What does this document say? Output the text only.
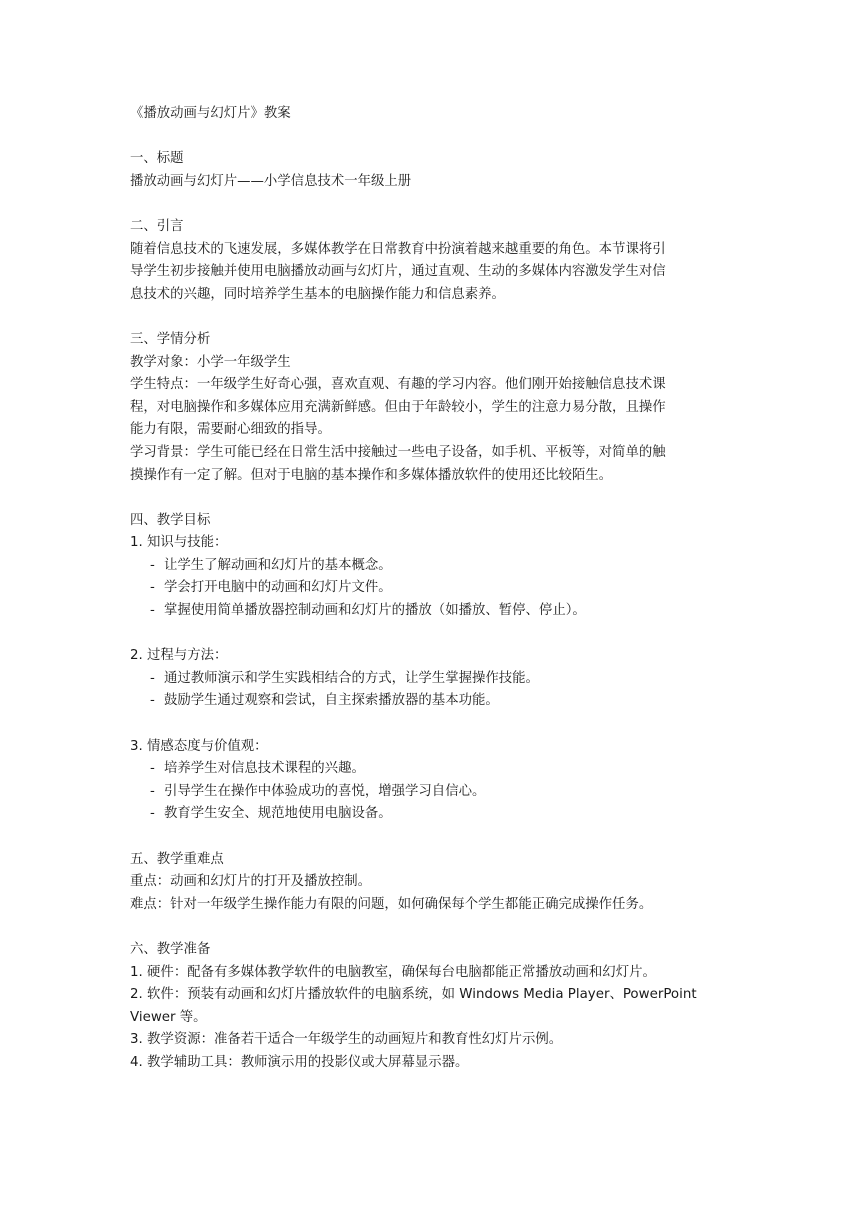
《播放动画与幻灯片》教案
一、标题
播放动画与幻灯片——小学信息技术一年级上册
二、引言
随着信息技术的飞速发展，多媒体教学在日常教育中扮演着越来越重要的角色。本节课将引
导学生初步接触并使用电脑播放动画与幻灯片，通过直观、生动的多媒体内容激发学生对信
息技术的兴趣，同时培养学生基本的电脑操作能力和信息素养。
三、学情分析
教学对象：小学一年级学生
学生特点：一年级学生好奇心强，喜欢直观、有趣的学习内容。他们刚开始接触信息技术课
程，对电脑操作和多媒体应用充满新鲜感。但由于年龄较小，学生的注意力易分散，且操作
能力有限，需要耐心细致的指导。
学习背景：学生可能已经在日常生活中接触过一些电子设备，如手机、平板等，对简单的触
摸操作有一定了解。但对于电脑的基本操作和多媒体播放软件的使用还比较陌生。
四、教学目标
1. 知识与技能：
- 让学生了解动画和幻灯片的基本概念。
- 学会打开电脑中的动画和幻灯片文件。
- 掌握使用简单播放器控制动画和幻灯片的播放（如播放、暂停、停止）。
2. 过程与方法：
- 通过教师演示和学生实践相结合的方式，让学生掌握操作技能。
- 鼓励学生通过观察和尝试，自主探索播放器的基本功能。
3. 情感态度与价值观：
- 培养学生对信息技术课程的兴趣。
- 引导学生在操作中体验成功的喜悦，增强学习自信心。
- 教育学生安全、规范地使用电脑设备。
五、教学重难点
重点：动画和幻灯片的打开及播放控制。
难点：针对一年级学生操作能力有限的问题，如何确保每个学生都能正确完成操作任务。
六、教学准备
1. 硬件：配备有多媒体教学软件的电脑教室，确保每台电脑都能正常播放动画和幻灯片。
2. 软件：预装有动画和幻灯片播放软件的电脑系统，如 Windows Media Player、PowerPoint
Viewer 等。
3. 教学资源：准备若干适合一年级学生的动画短片和教育性幻灯片示例。
4. 教学辅助工具：教师演示用的投影仪或大屏幕显示器。
